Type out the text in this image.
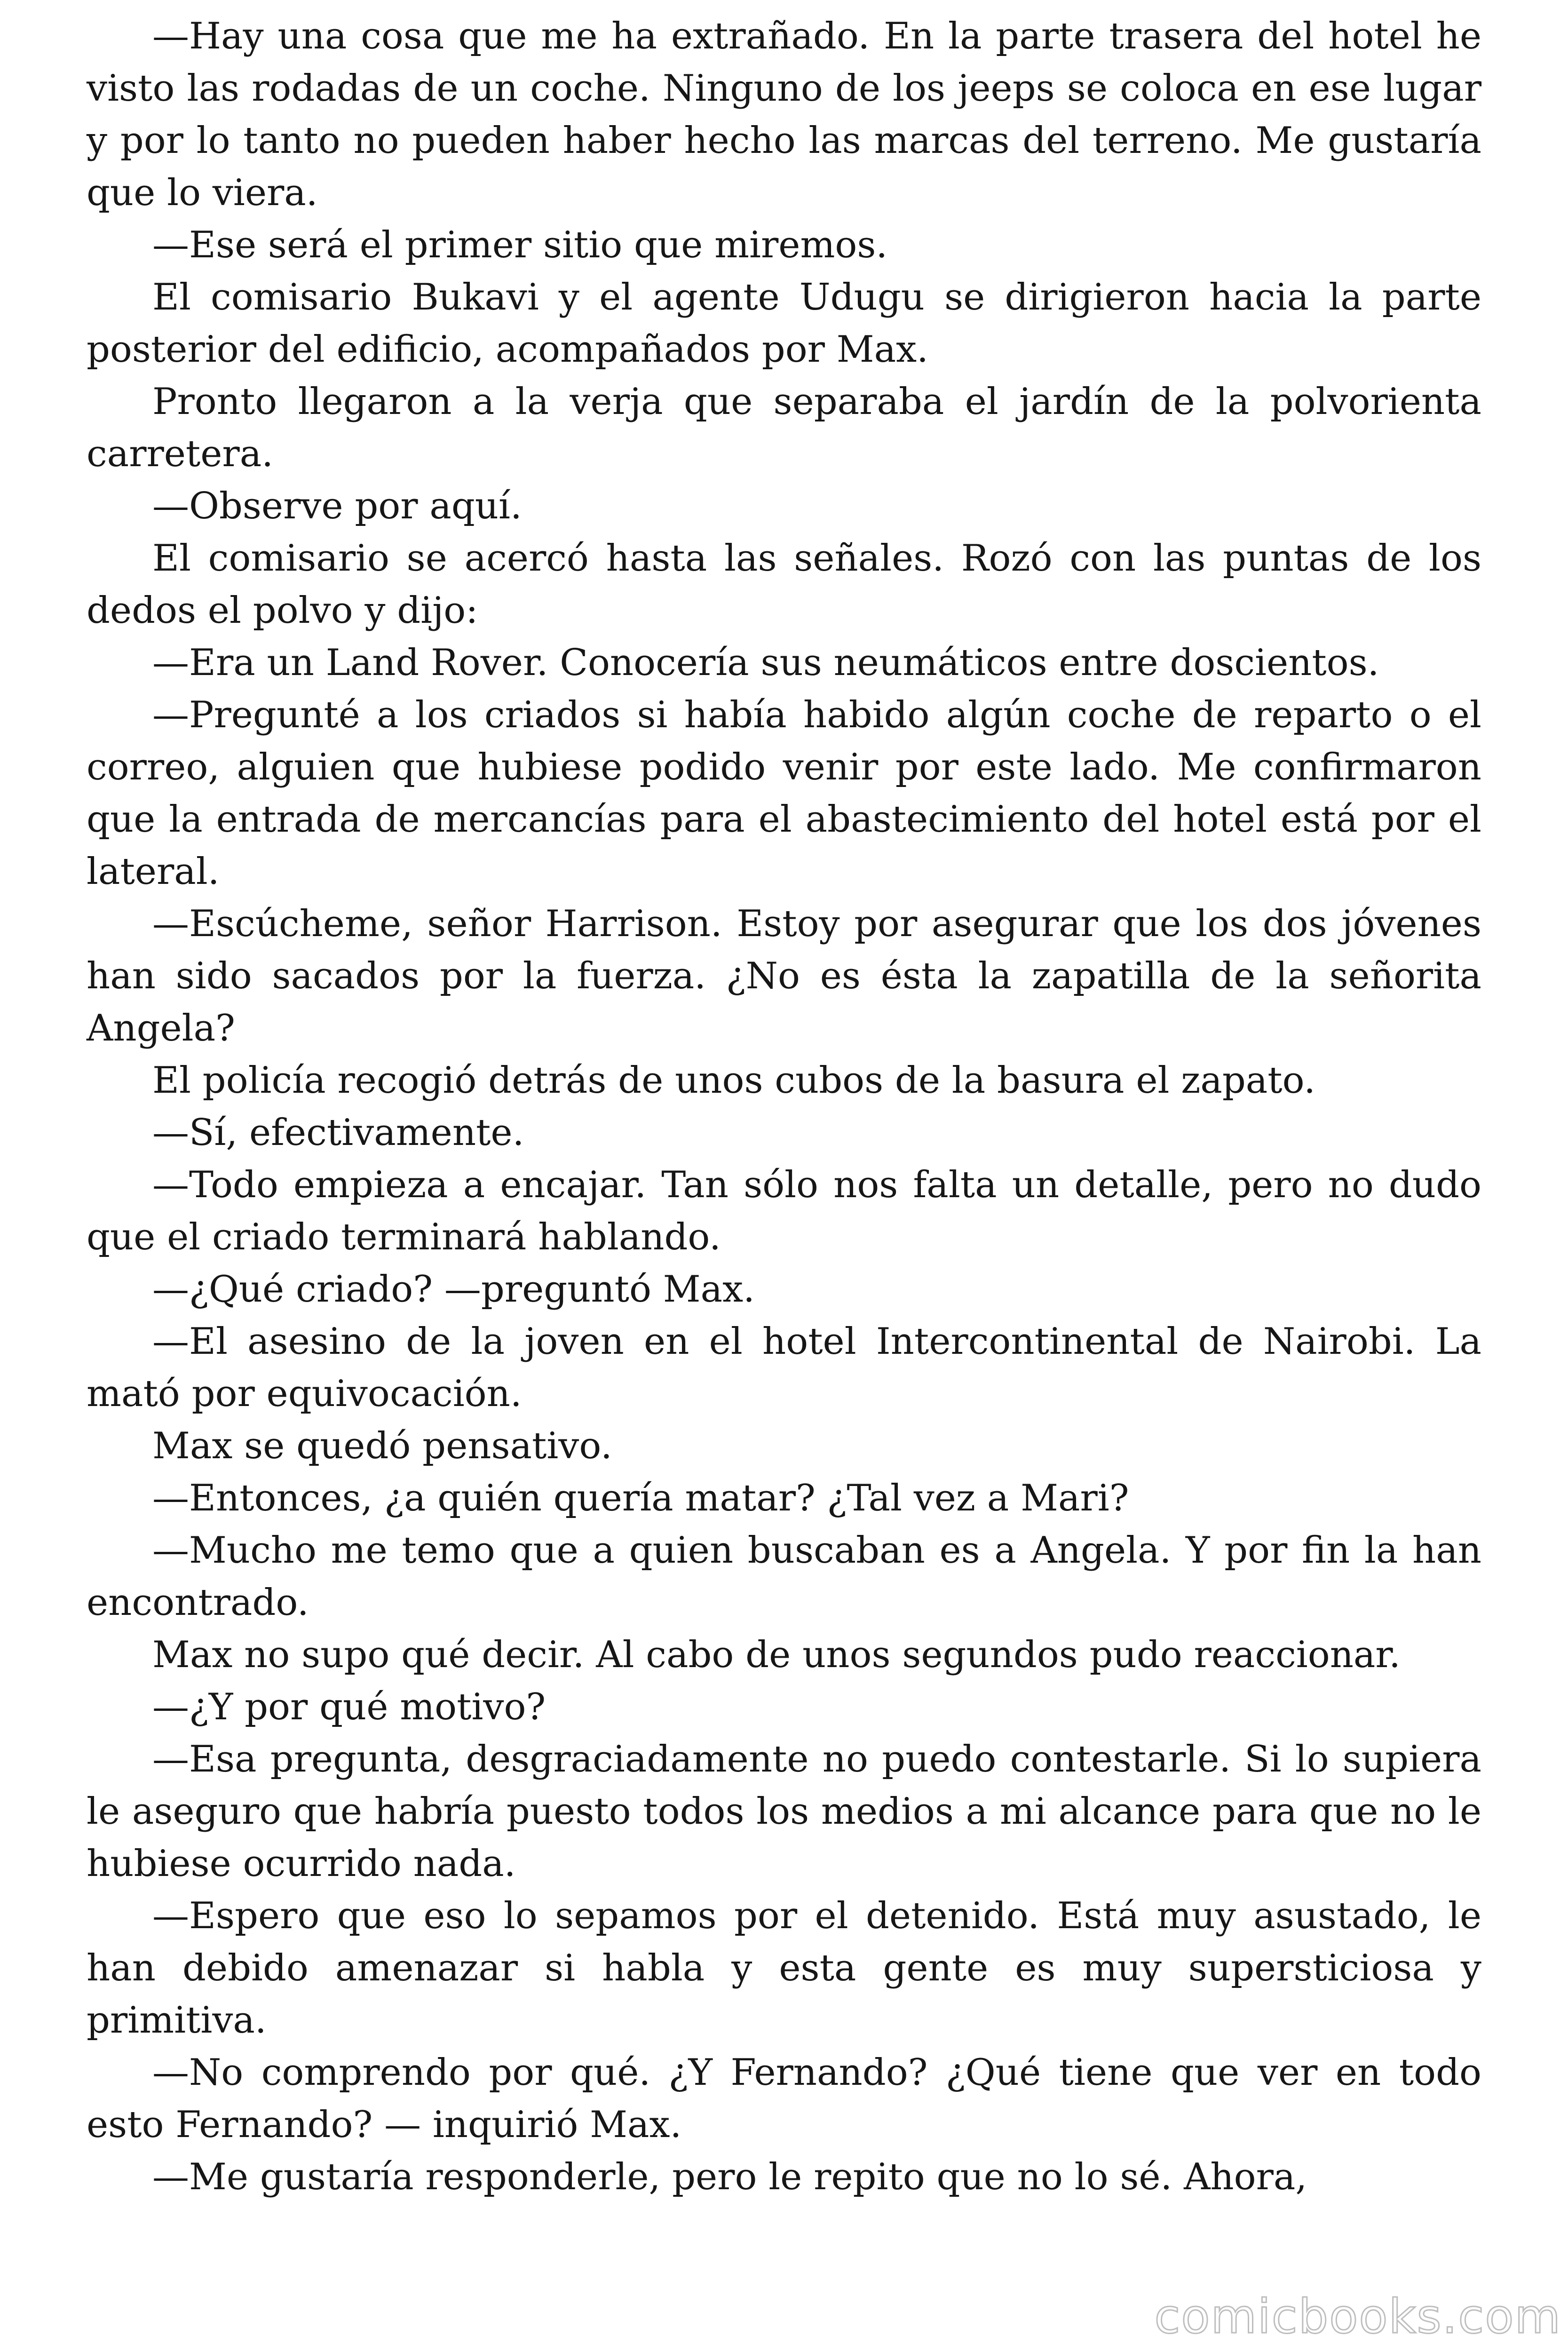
—Hay una cosa que me ha extrañado. En la parte trasera del hotel he visto las rodadas de un coche. Ninguno de los jeeps se coloca en ese lugar y por lo tanto no pueden haber hecho las marcas del terreno. Me gustaría que lo viera.

—Ese será el primer sitio que miremos.

El comisario Bukavi y el agente Udugu se dirigieron hacia la parte posterior del edificio, acompañados por Max.

Pronto llegaron a la verja que separaba el jardín de la polvorienta carretera.

—Observe por aquí.

El comisario se acercó hasta las señales. Rozó con las puntas de los dedos el polvo y dijo:

—Era un Land Rover. Conocería sus neumáticos entre doscientos.

—Pregunté a los criados si había habido algún coche de reparto o el correo, alguien que hubiese podido venir por este lado. Me confirmaron que la entrada de mercancías para el abastecimiento del hotel está por el lateral.

—Escúcheme, señor Harrison. Estoy por asegurar que los dos jóvenes han sido sacados por la fuerza. ¿No es ésta la zapatilla de la señorita Angela?

El policía recogió detrás de unos cubos de la basura el zapato.

—Sí, efectivamente.

—Todo empieza a encajar. Tan sólo nos falta un detalle, pero no dudo que el criado terminará hablando.

—¿Qué criado? —preguntó Max.

—El asesino de la joven en el hotel Intercontinental de Nairobi. La mató por equivocación.

Max se quedó pensativo.

—Entonces, ¿a quién quería matar? ¿Tal vez a Mari?

—Mucho me temo que a quien buscaban es a Angela. Y por fin la han encontrado.

Max no supo qué decir. Al cabo de unos segundos pudo reaccionar.

—¿Y por qué motivo?

—Esa pregunta, desgraciadamente no puedo contestarle. Si lo supiera le aseguro que habría puesto todos los medios a mi alcance para que no le hubiese ocurrido nada.

—Espero que eso lo sepamos por el detenido. Está muy asustado, le han debido amenazar si habla y esta gente es muy supersticiosa y primitiva.

—No comprendo por qué. ¿Y Fernando? ¿Qué tiene que ver en todo esto Fernando? — inquirió Max.

—Me gustaría responderle, pero le repito que no lo sé. Ahora,

comicbooks.com
